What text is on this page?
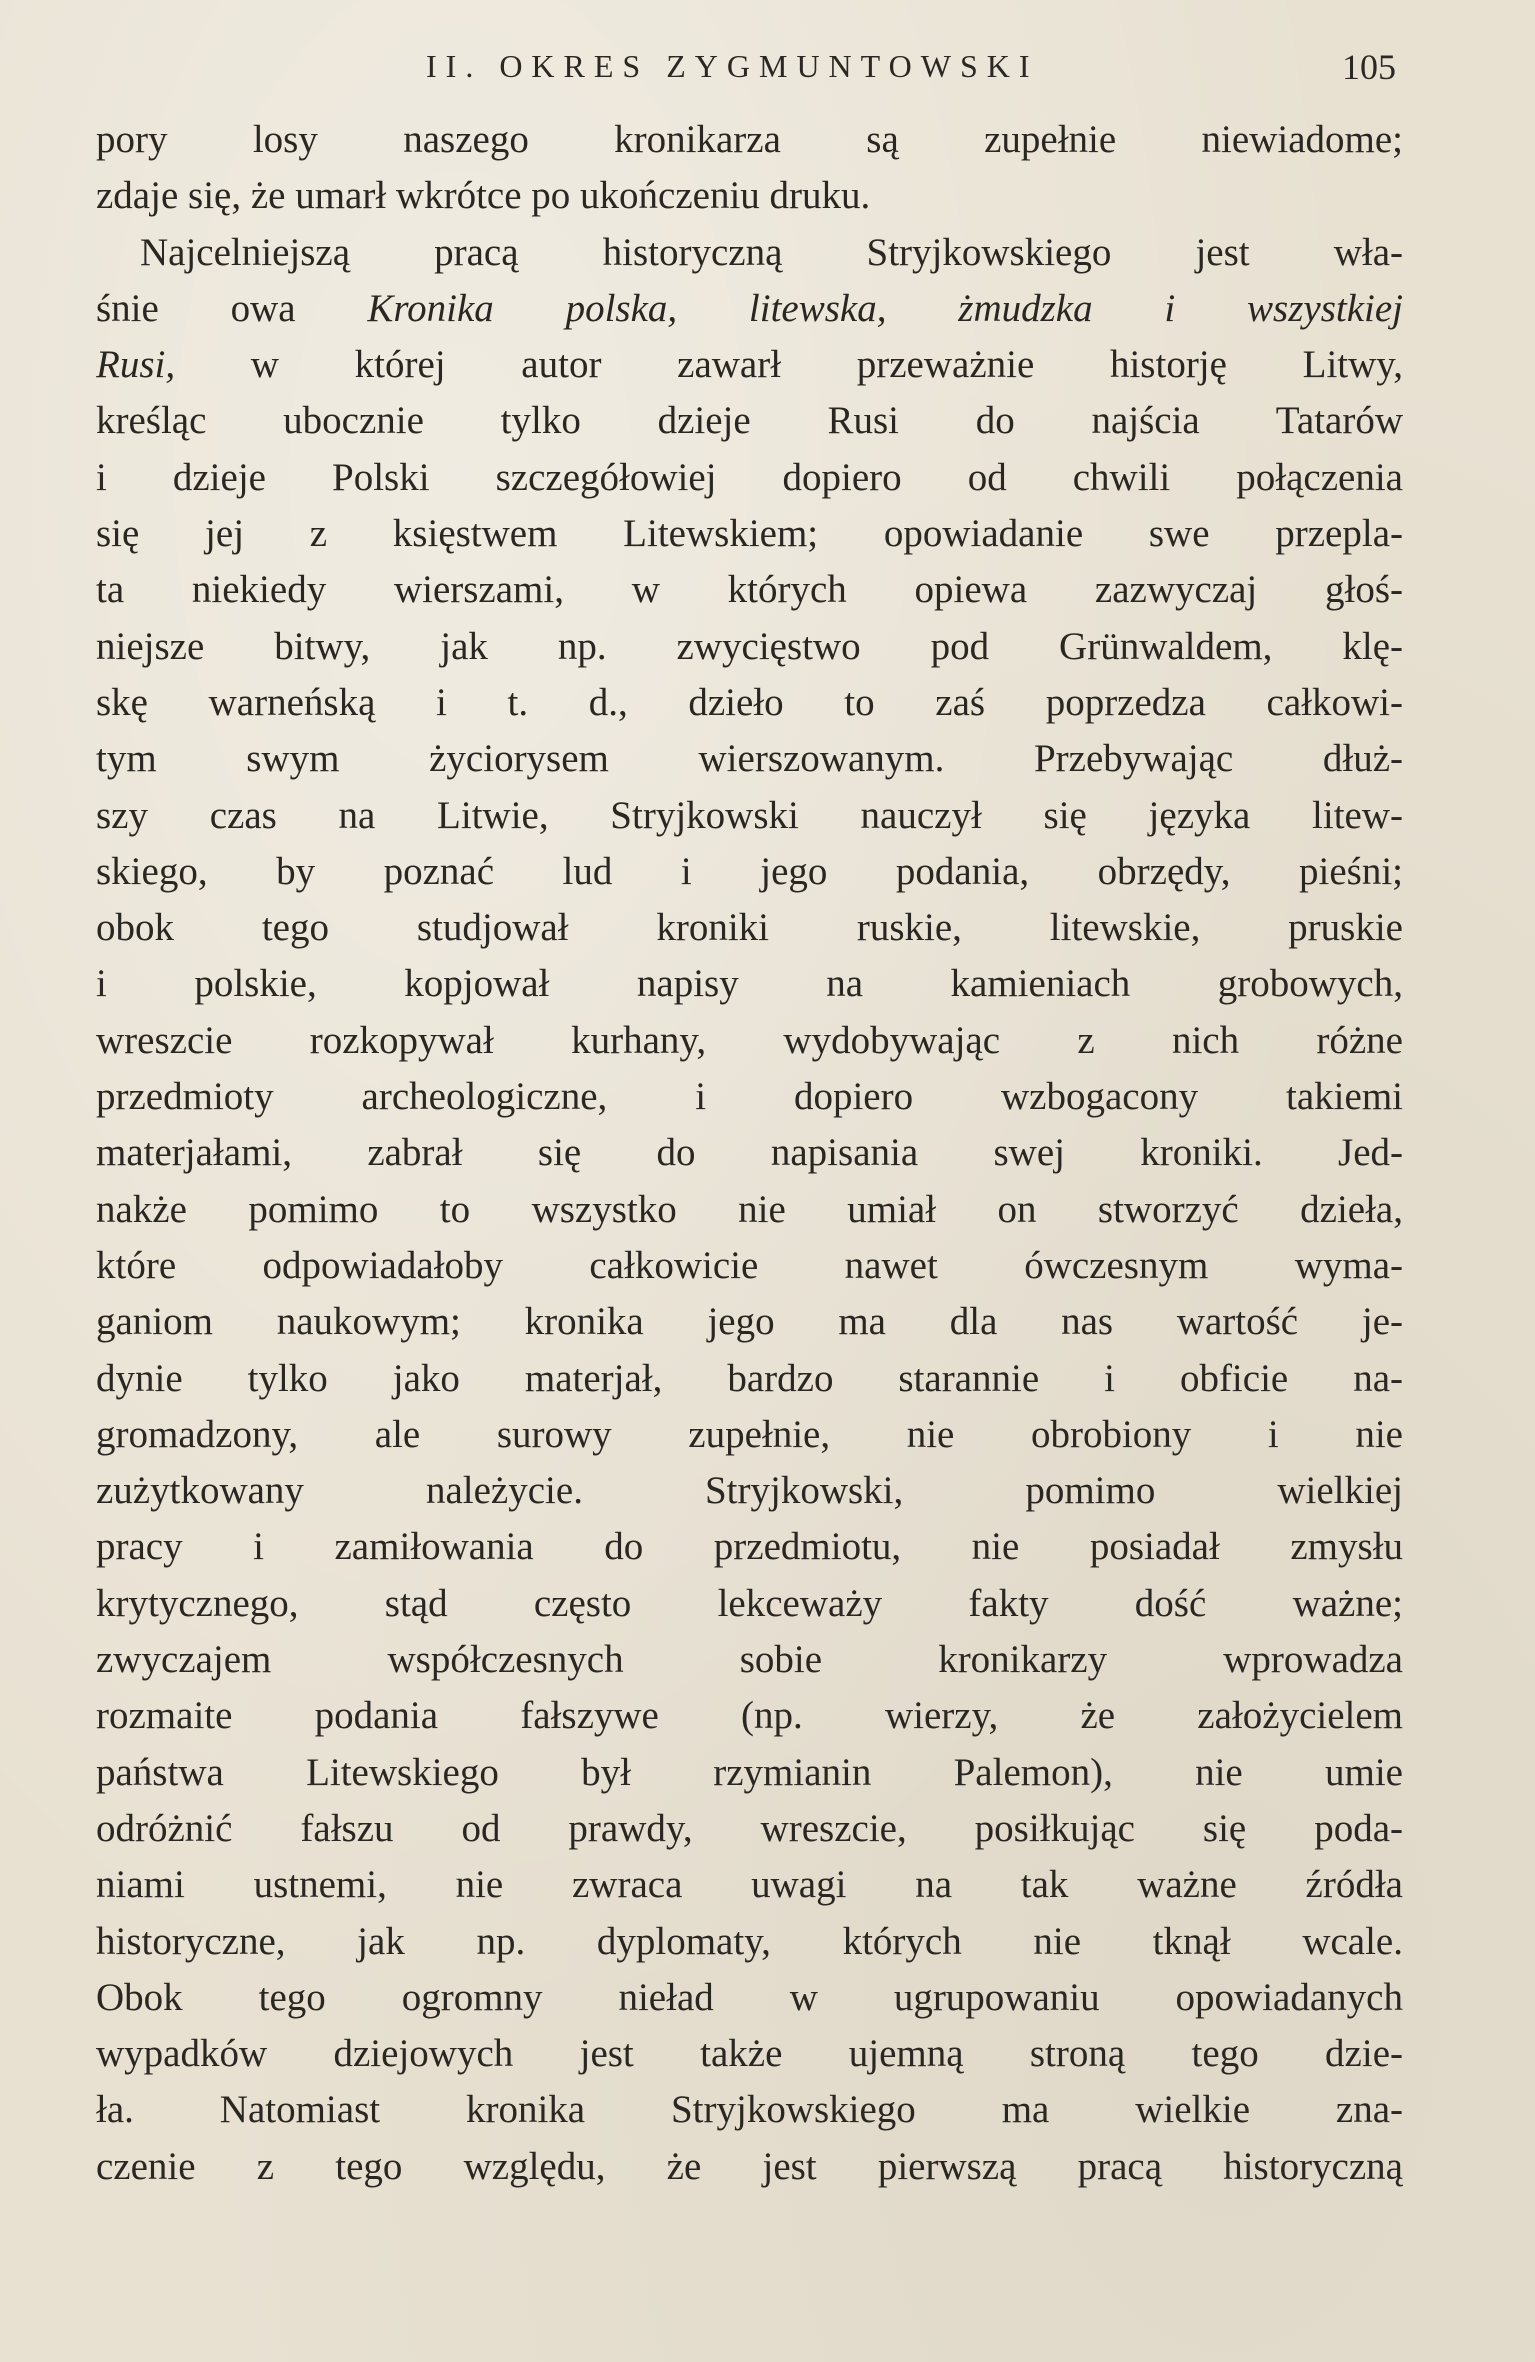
II. OKRES ZYGMUNTOWSKI	105
pory losy naszego kronikarza są zupełnie niewiadome;
zdaje się, że umarł wkrótce po ukończeniu druku.
Najcelniejszą pracą historyczną Stryjkowskiego jest wła-
śnie owa Kronika polska, litewska, żmudzka i wszystkiej
Rusi, w której autor zawarł przeważnie historję Litwy,
kreśląc ubocznie tylko dzieje Rusi do najścia Tatarów
i dzieje Polski szczegółowiej dopiero od chwili połączenia
się jej z księstwem Litewskiem; opowiadanie swe przepla-
ta niekiedy wierszami, w których opiewa zazwyczaj głoś-
niejsze bitwy, jak np. zwycięstwo pod Grünwaldem, klę-
skę warneńską i t. d., dzieło to zaś poprzedza całkowi-
tym swym życiorysem wierszowanym. Przebywając dłuż-
szy czas na Litwie, Stryjkowski nauczył się języka litew-
skiego, by poznać lud i jego podania, obrzędy, pieśni;
obok tego studjował kroniki ruskie, litewskie, pruskie
i polskie, kopjował napisy na kamieniach grobowych,
wreszcie rozkopywał kurhany, wydobywając z nich różne
przedmioty archeologiczne, i dopiero wzbogacony takiemi
materjałami, zabrał się do napisania swej kroniki. Jed-
nakże pomimo to wszystko nie umiał on stworzyć dzieła,
które odpowiadałoby całkowicie nawet ówczesnym wyma-
ganiom naukowym; kronika jego ma dla nas wartość je-
dynie tylko jako materjał, bardzo starannie i obficie na-
gromadzony, ale surowy zupełnie, nie obrobiony i nie
zużytkowany należycie. Stryjkowski, pomimo wielkiej
pracy i zamiłowania do przedmiotu, nie posiadał zmysłu
krytycznego, stąd często lekceważy fakty dość ważne;
zwyczajem współczesnych sobie kronikarzy wprowadza
rozmaite podania fałszywe (np. wierzy, że założycielem
państwa Litewskiego był rzymianin Palemon), nie umie
odróżnić fałszu od prawdy, wreszcie, posiłkując się poda-
niami ustnemi, nie zwraca uwagi na tak ważne źródła
historyczne, jak np. dyplomaty, których nie tknął wcale.
Obok tego ogromny nieład w ugrupowaniu opowiadanych
wypadków dziejowych jest także ujemną stroną tego dzie-
ła. Natomiast kronika Stryjkowskiego ma wielkie zna-
czenie z tego względu, że jest pierwszą pracą historyczną
